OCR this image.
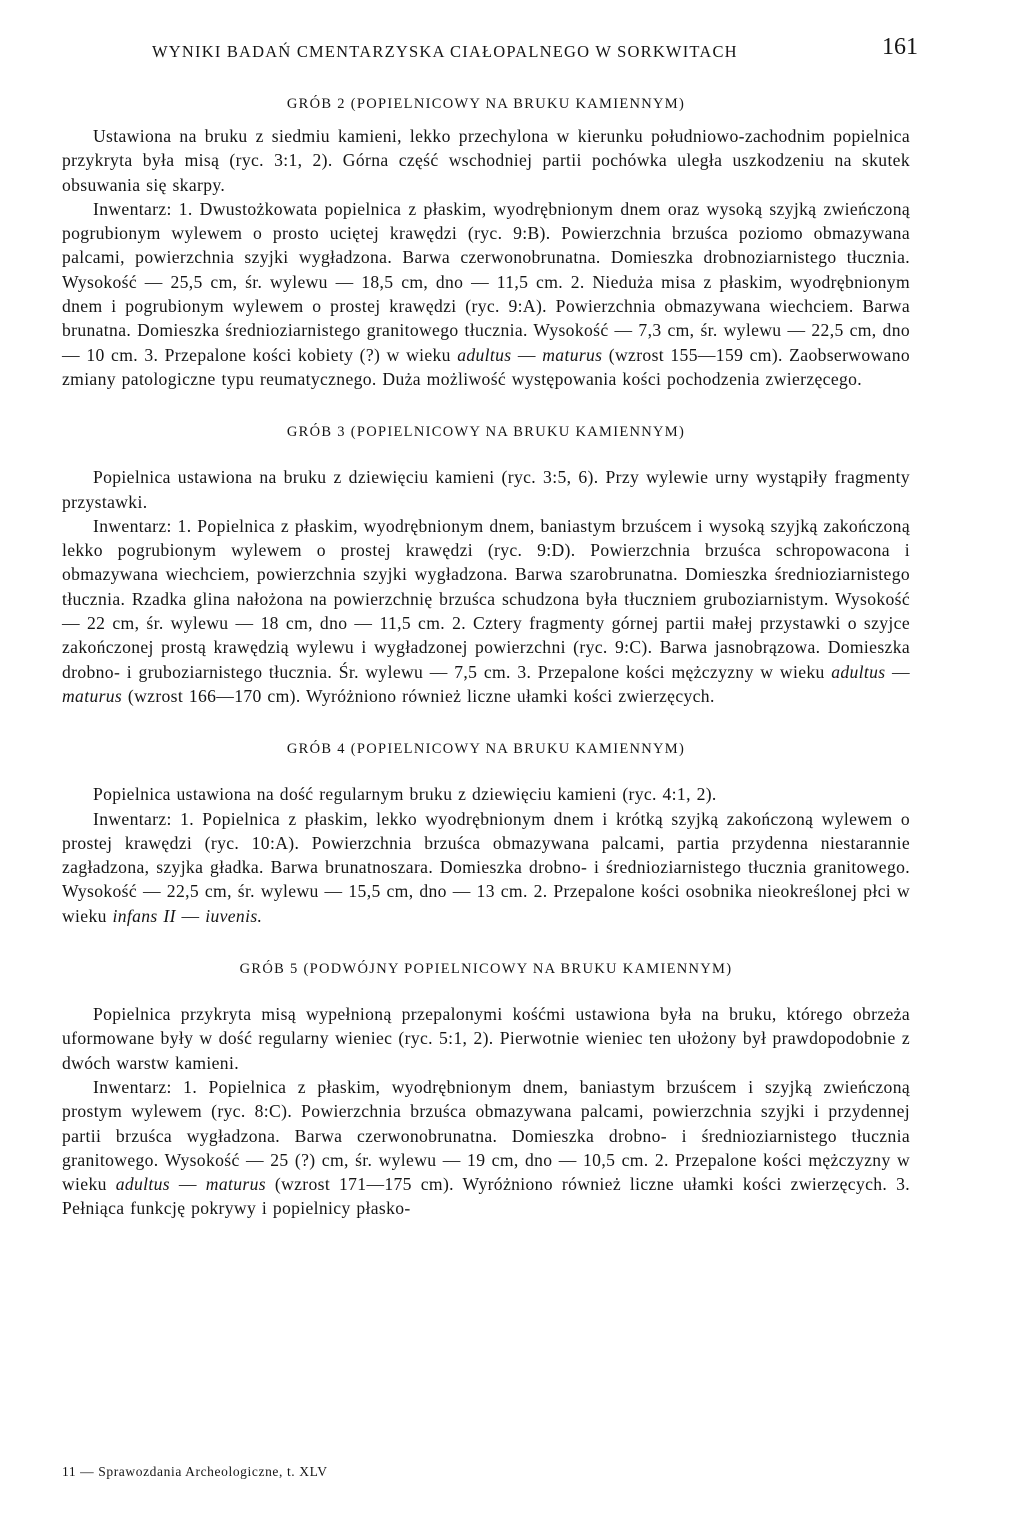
WYNIKI BADAŃ CMENTARZYSKA CIAŁOPALNEGO W SORKWITACH	161
GRÓB 2 (POPIELNICOWY NA BRUKU KAMIENNYM)

Ustawiona na bruku z siedmiu kamieni, lekko przechylona w kierunku południowo-zachodnim popielnica przykryta była misą (ryc. 3:1, 2). Górna część wschodniej partii pochówka uległa uszkodzeniu na skutek obsuwania się skarpy.

Inwentarz: 1. Dwustożkowata popielnica z płaskim, wyodrębnionym dnem oraz wysoką szyjką zwieńczoną pogrubionym wylewem o prosto uciętej krawędzi (ryc. 9:B). Powierzchnia brzuśca poziomo obmazywana palcami, powierzchnia szyjki wygładzona. Barwa czerwonobrunatna. Domieszka drobnoziarnistego tłucznia. Wysokość — 25,5 cm, śr. wylewu — 18,5 cm, dno — 11,5 cm. 2. Nieduża misa z płaskim, wyodrębnionym dnem i pogrubionym wylewem o prostej krawędzi (ryc. 9:A). Powierzchnia obmazywana wiechciem. Barwa brunatna. Domieszka średnioziarnistego granitowego tłucznia. Wysokość — 7,3 cm, śr. wylewu — 22,5 cm, dno — 10 cm. 3. Przepalone kości kobiety (?) w wieku adultus — maturus (wzrost 155—159 cm). Zaobserwowano zmiany patologiczne typu reumatycznego. Duża możliwość występowania kości pochodzenia zwierzęcego.

GRÓB 3 (POPIELNICOWY NA BRUKU KAMIENNYM)

Popielnica ustawiona na bruku z dziewięciu kamieni (ryc. 3:5, 6). Przy wylewie urny wystąpiły fragmenty przystawki.

Inwentarz: 1. Popielnica z płaskim, wyodrębnionym dnem, baniastym brzuścem i wysoką szyjką zakończoną lekko pogrubionym wylewem o prostej krawędzi (ryc. 9:D). Powierzchnia brzuśca schropowacona i obmazywana wiechciem, powierzchnia szyjki wygładzona. Barwa szarobrunatna. Domieszka średnioziarnistego tłucznia. Rzadka glina nałożona na powierzchnię brzuśca schudzona była tłuczniem gruboziarnistym. Wysokość — 22 cm, śr. wylewu — 18 cm, dno — 11,5 cm. 2. Cztery fragmenty górnej partii małej przystawki o szyjce zakończonej prostą krawędzią wylewu i wygładzonej powierzchni (ryc. 9:C). Barwa jasnobrązowa. Domieszka drobno- i gruboziarnistego tłucznia. Śr. wylewu — 7,5 cm. 3. Przepalone kości mężczyzny w wieku adultus — maturus (wzrost 166—170 cm). Wyróżniono również liczne ułamki kości zwierzęcych.

GRÓB 4 (POPIELNICOWY NA BRUKU KAMIENNYM)

Popielnica ustawiona na dość regularnym bruku z dziewięciu kamieni (ryc. 4:1, 2).

Inwentarz: 1. Popielnica z płaskim, lekko wyodrębnionym dnem i krótką szyjką zakończoną wylewem o prostej krawędzi (ryc. 10:A). Powierzchnia brzuśca obmazywana palcami, partia przydenna niestarannie zagładzona, szyjka gładka. Barwa brunatnoszara. Domieszka drobno- i średnioziarnistego tłucznia granitowego. Wysokość — 22,5 cm, śr. wylewu — 15,5 cm, dno — 13 cm. 2. Przepalone kości osobnika nieokreślonej płci w wieku infans II — iuvenis.

GRÓB 5 (PODWÓJNY POPIELNICOWY NA BRUKU KAMIENNYM)

Popielnica przykryta misą wypełnioną przepalonymi kośćmi ustawiona była na bruku, którego obrzeża uformowane były w dość regularny wieniec (ryc. 5:1, 2). Pierwotnie wieniec ten ułożony był prawdopodobnie z dwóch warstw kamieni.

Inwentarz: 1. Popielnica z płaskim, wyodrębnionym dnem, baniastym brzuścem i szyjką zwieńczoną prostym wylewem (ryc. 8:C). Powierzchnia brzuśca obmazywana palcami, powierzchnia szyjki i przydennej partii brzuśca wygładzona. Barwa czerwonobrunatna. Domieszka drobno- i średnioziarnistego tłucznia granitowego. Wysokość — 25 (?) cm, śr. wylewu — 19 cm, dno — 10,5 cm. 2. Przepalone kości mężczyzny w wieku adultus — maturus (wzrost 171—175 cm). Wyróżniono również liczne ułamki kości zwierzęcych. 3. Pełniąca funkcję pokrywy i popielnicy płasko-

11 — Sprawozdania Archeologiczne, t. XLV
